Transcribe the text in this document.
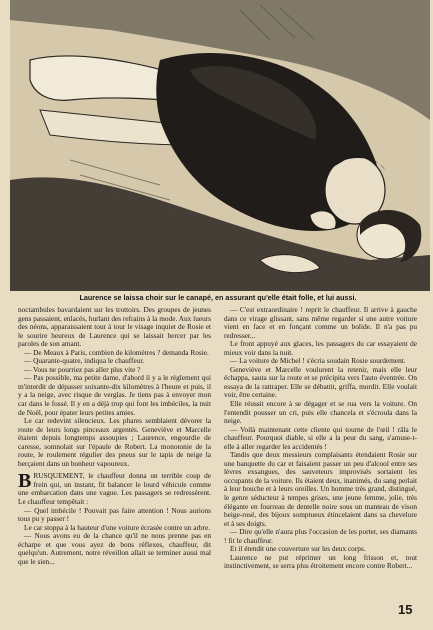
Laurence se laissa choir sur le canapé, en assurant qu'elle était folle, et lui aussi.

noctambules bavardaient sur les trottoirs. Des groupes de jeunes gens passaient, enlacés, hurlant des refrains à la mode. Aux lueurs des néons, apparaissaient tour à tour le visage inquiet de Rosie et le sourire heureux de Laurence qui se laissait bercer par les paroles de son amant.

— De Meaux à Paris, combien de kilomètres ? demanda Rosie.

— Quarante-quatre, indiqua le chauffeur.

— Vous ne pourriez pas aller plus vite ?

— Pas possible, ma petite dame, d'abord il y a le règlement qui m'interdit de dépasser soixante-dix kilomètres à l'heure et puis, il y a la neige, avec risque de verglas. Je tiens pas à envoyer mon car dans le fossé. Il y en a déjà trop qui font les imbéciles, la nuit de Noël, pour épater leurs petites amies.

Le car redevint silencieux. Les phares semblaient dévorer la route de leurs longs pinceaux argentés. Geneviève et Marcelle étaient depuis longtemps assoupies ; Laurence, engourdie de caresse, somnolait sur l'épaule de Robert. La monotonie de la route, le roulement régulier des pneus sur le tapis de neige la berçaient dans un bonheur vapoureux.

BRUSQUEMENT, le chauffeur donna un terrible coup de frein qui, un instant, fit balancer le lourd véhicule comme une embarcation dans une vague. Les passagers se redressèrent. Le chauffeur tempêtait :

— Quel imbécile ! Pouvait pas faire attention ! Nous aurions tous pu y passer !

Le car stoppa à la hauteur d'une voiture écrasée contre un arbre.

— Nous avons eu de la chance qu'il ne nous prenne pas en écharpe et que vous ayez de bons réflexes, chauffeur, dit quelqu'un. Autrement, notre réveillon allait se terminer aussi mal que le sien...

— C'est extraordinaire ! reprit le chauffeur. Il arrive à gauche dans ce virage glissant, sans même regarder si une autre voiture vient en face et en fonçant comme un bolide. Il n'a pas pu redresser...

Le front appuyé aux glaces, les passagers du car essayaient de mieux voir dans la nuit.

— La voiture de Michel ! s'écria soudain Rosie sourdement.

Geneviève et Marcelle voulurent la retenir, mais elle leur échappa, sauta sur la route et se précipita vers l'auto éventrée. On essaya de la rattraper. Elle se débattit, griffa, mordit. Elle voulait voir, être certaine.

Elle réussit encore à se dégager et se rua vers la voiture. On l'entendit pousser un cri, puis elle chancela et s'écroula dans la neige.

— Voilà maintenant cette cliente qui tourne de l'œil ! râla le chauffeur. Pourquoi diable, si elle a la peur du sang, s'amuse-t-elle à aller regarder les accidentés !

Tandis que deux messieurs complaisants étendaient Rosie sur une banquette du car et faisaient passer un peu d'alcool entre ses lèvres exsangues, des sauveteurs improvisés sortaient les occupants de la voiture. Ils étaient deux, inanimés, du sang perlait à leur bouche et à leurs oreilles. Un homme très grand, distingué, le genre séducteur à tempes grises, une jeune femme, jolie, très élégante en fourreau de dentelle noire sous un manteau de vison beige-rosé, des bijoux somptueux étincelaient dans sa chevelure et à ses doigts.

— Dire qu'elle n'aura plus l'occasion de les porter, ses diamants ! fit le chauffeur.

Et il étendit une couverture sur les deux corps.

Laurence ne put réprimer un long frisson et, tout instinctivement, se serra plus étroitement encore contre Robert...

15
